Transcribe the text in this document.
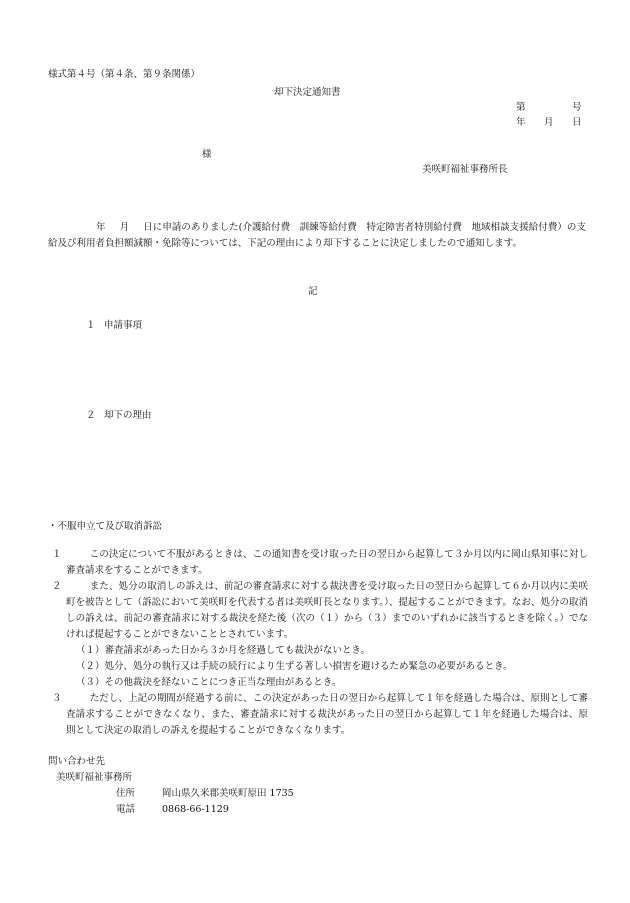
様式第４号（第４条、第９条関係）
却下決定通知書
第	号
年 月 日
様
美咲町福祉事務所長
年 月 日に申請のありました(介護給付費　訓練等給付費　特定障害者特別給付費　地域相談支援給付費）の支給及び利用者負担額減額・免除等については、下記の理由により却下することに決定しましたので通知します。
記
１ 申請事項
２ 却下の理由
・不服申立て及び取消訴訟
１	この決定について不服があるときは、この通知書を受け取った日の翌日から起算して３か月以内に岡山県知事に対し審査請求をすることができます。
２	また、処分の取消しの訴えは、前記の審査請求に対する裁決書を受け取った日の翌日から起算して６か月以内に美咲町を被告として（訴訟において美咲町を代表する者は美咲町長となります。）、提起することができます。なお、処分の取消しの訴えは、前記の審査請求に対する裁決を経た後（次の（１）から（３）までのいずれかに該当するときを除く。）でなければ提起することができないこととされています。
（１）審査請求があった日から３か月を経過しても裁決がないとき。
（２）処分、処分の執行又は手続の続行により生ずる著しい損害を避けるため緊急の必要があるとき。
（３）その他裁決を経ないことにつき正当な理由があるとき。
３	ただし、上記の期間が経過する前に、この決定があった日の翌日から起算して１年を経過した場合は、原則として審査請求することができなくなり、また、審査請求に対する裁決があった日の翌日から起算して１年を経過した場合は、原則として決定の取消しの訴えを提起することができなくなります。
問い合わせ先
美咲町福祉事務所
住所	岡山県久米郡美咲町原田 1735
電話	0868-66-1129
